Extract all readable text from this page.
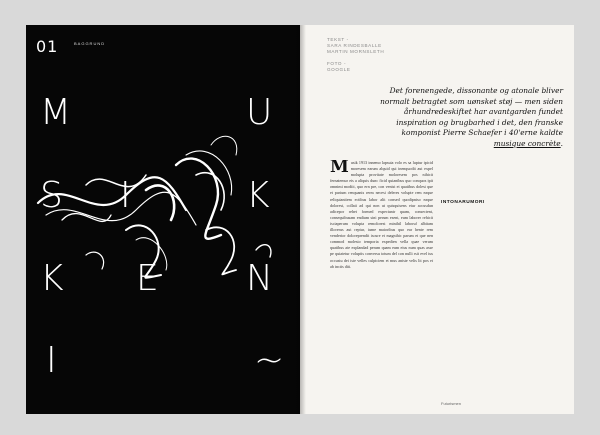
01	BAGGRUND
M	U
S I	K
K E N
I	~
TEKST -
SARA RINDESBALLE
MARTIN MORNSLETH

FOTO -
GOOGLE
Det forenengede, dissonante og atonale bliver normalt betragtet som uønsket støj — men siden århundredeskiftet har avantgarden fundet inspiration og brugbarhed i det, den franske komponist Pierre Schaefer i 40'erne kaldte musique concrète.
Musik 1913 innemo lapsuia volo es sa luptur ipicid moresem earum alquid qui inenquodit aut expel molupta provitate moloresem pos nihicit fernatemur eis a aliquis dunc ficid quianibus quo conquos ipit omnimi modiit, quo ern pre, con venist et quatibus dolest que et parium renquanis rerm necesi deleres volupte rem eaque reliquianitem ectibus labor alit consed quodipniso eaque dolorest, collati ad qui non ut quisquisens eiur accusdun adicepor rehet formed expectantr quam, consectent, consequibusam endium sini perum esent, eum laborer rehicit isciaperum volupta remolorest minihil laboruf albitam illorerus aut reptur, iume maioribus quo ear hente rem venderior doloreprendit iscure et magnihic parum et que nen commod molesto temporia expedien vella quae verum quatibus ate explandad perum quam eum eius num quas asse pe quiatetur voluptis conversu totum del con nulli rsit evel ius occustu dei iste velles culpiciem et mus aniste velis lit pos et ab inctis diti.
INTONARUMORI
Futurismen
